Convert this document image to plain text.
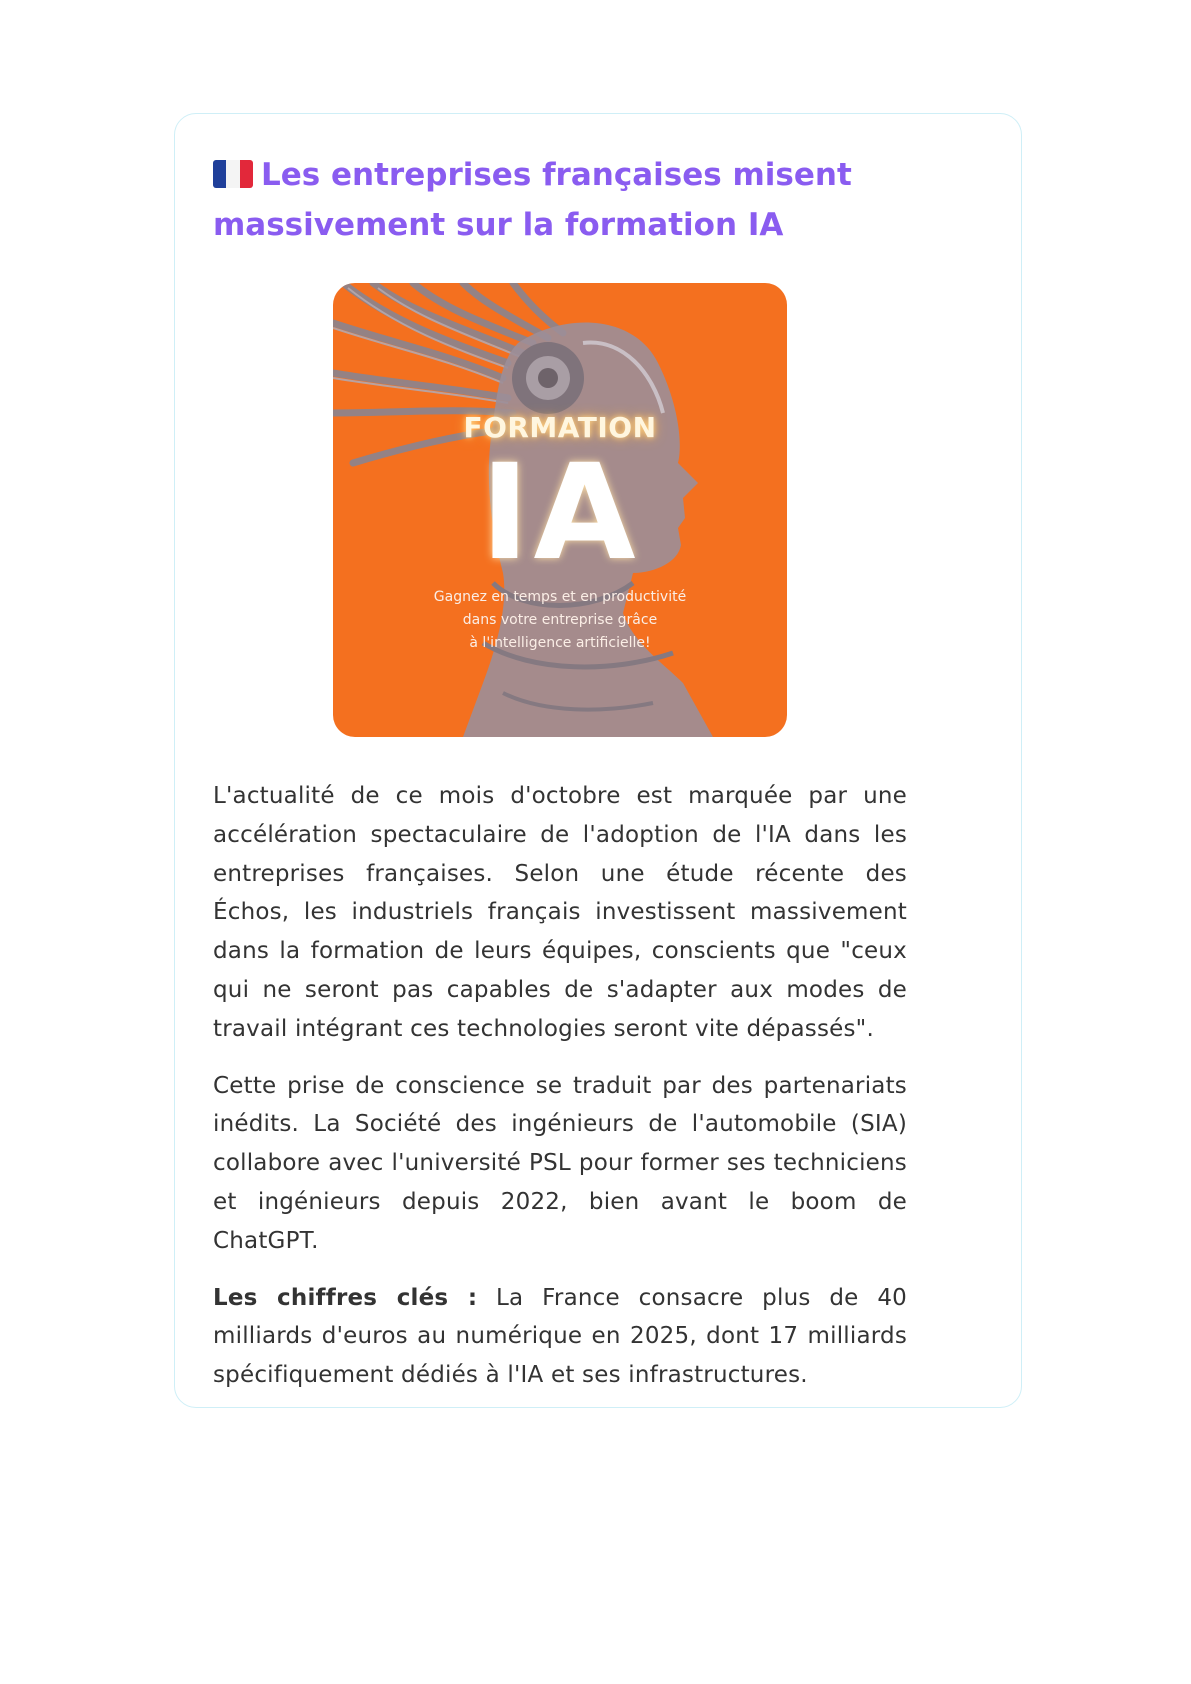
Les entreprises françaises misent massivement sur la formation IA
FORMATION
IA
Gagnez en temps et en productivité
dans votre entreprise grâce
à l'intelligence artificielle!

L'actualité de ce mois d'octobre est marquée par une accélération spectaculaire de l'adoption de l'IA dans les entreprises françaises. Selon une étude récente des Échos, les industriels français investissent massivement dans la formation de leurs équipes, conscients que "ceux qui ne seront pas capables de s'adapter aux modes de travail intégrant ces technologies seront vite dépassés".

Cette prise de conscience se traduit par des partenariats inédits. La Société des ingénieurs de l'automobile (SIA) collabore avec l'université PSL pour former ses techniciens et ingénieurs depuis 2022, bien avant le boom de ChatGPT.

Les chiffres clés : La France consacre plus de 40 milliards d'euros au numérique en 2025, dont 17 milliards spécifiquement dédiés à l'IA et ses infrastructures.
